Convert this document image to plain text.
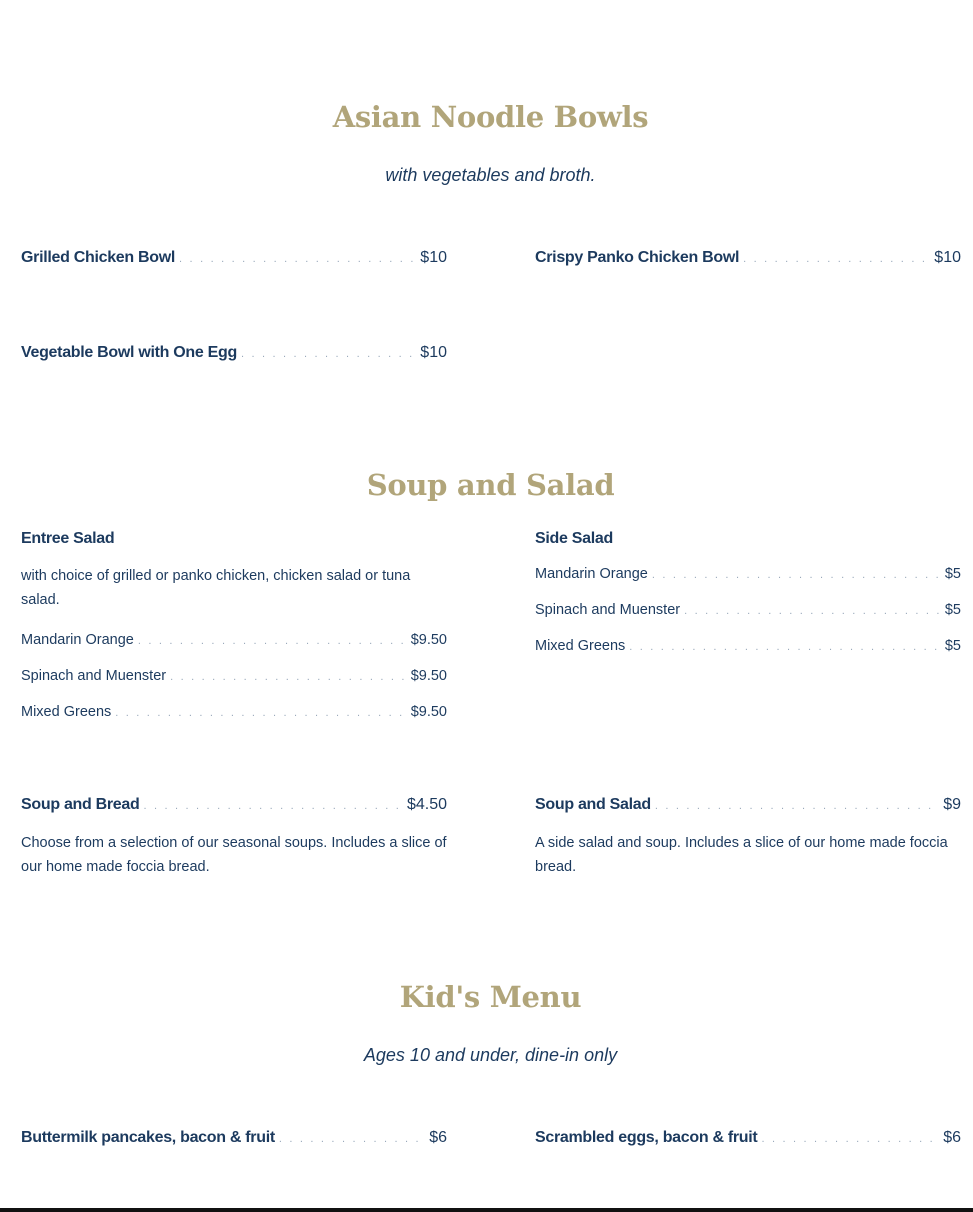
Asian Noodle Bowls

with vegetables and broth.

Grilled Chicken Bowl . . .	$10	Crispy Panko Chicken Bowl . . .	$10
Vegetable Bowl with One Egg . . .	$10
Soup and Salad
Entree Salad

with choice of grilled or panko chicken, chicken salad or tuna salad.

Mandarin Orange . . .	$9.50
Spinach and Muenster . . .	$9.50
Mixed Greens . . .	$9.50
Side Salad
Mandarin Orange . . .	$5
Spinach and Muenster . . .	$5
Mixed Greens . . .	$5
Soup and Bread . . .	$4.50

Choose from a selection of our seasonal soups. Includes a slice of our home made foccia bread.

Soup and Salad . . .	$9

A side salad and soup. Includes a slice of our home made foccia bread.

Kid's Menu

Ages 10 and under, dine-in only

Buttermilk pancakes, bacon & fruit . . .	$6	Scrambled eggs, bacon & fruit . . .	$6
